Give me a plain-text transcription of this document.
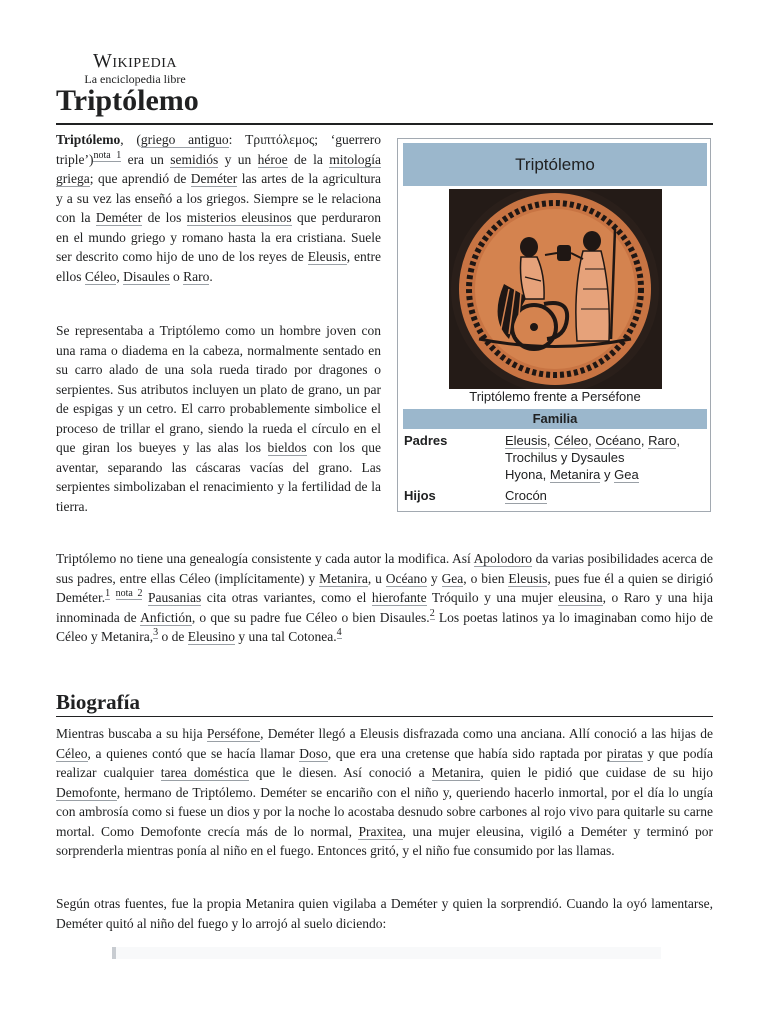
Wikipedia
La enciclopedia libre
Triptólemo

Triptólemo, (griego antiguo: Τριπτόλεμος; ‘guerrero triple’)$^{nota 1}$ era un semidiós y un héroe de la mitología griega; que aprendió de Deméter las artes de la agricultura y a su vez las enseñó a los griegos. Siempre se le relaciona con la Deméter de los misterios eleusinos que perduraron en el mundo griego y romano hasta la era cristiana. Suele ser descrito como hijo de uno de los reyes de Eleusis, entre ellos Céleo, Disaules o Raro.

Se representaba a Triptólemo como un hombre joven con una rama o diadema en la cabeza, normalmente sentado en su carro alado de una sola rueda tirado por dragones o serpientes. Sus atributos incluyen un plato de grano, un par de espigas y un cetro. El carro probablemente simbolice el proceso de trillar el grano, siendo la rueda el círculo en el que giran los bueyes y las alas los bieldos con los que aventar, separando las cáscaras vacías del grano. Las serpientes simbolizaban el renacimiento y la fertilidad de la tierra.

Triptólemo
Triptólemo frente a Perséfone
Familia
Padres	Eleusis, Céleo, Océano, Raro,
Trochilus y Dysaules
Hyona, Metanira y Gea
Hijos	Crocón

Triptólemo no tiene una genealogía consistente y cada autor la modifica. Así Apolodoro da varias posibilidades acerca de sus padres, entre ellas Céleo (implícitamente) y Metanira, u Océano y Gea, o bien Eleusis, pues fue él a quien se dirigió Deméter.$^1$ $^{nota 2}$ Pausanias cita otras variantes, como el hierofante Tróquilo y una mujer eleusina, o Raro y una hija innominada de Anfictión, o que su padre fue Céleo o bien Disaules.$^2$ Los poetas latinos ya lo imaginaban como hijo de Céleo y Metanira,$^3$ o de Eleusino y una tal Cotonea.$^4$

Biografía

Mientras buscaba a su hija Perséfone, Deméter llegó a Eleusis disfrazada como una anciana. Allí conoció a las hijas de Céleo, a quienes contó que se hacía llamar Doso, que era una cretense que había sido raptada por piratas y que podía realizar cualquier tarea doméstica que le diesen. Así conoció a Metanira, quien le pidió que cuidase de su hijo Demofonte, hermano de Triptólemo. Deméter se encariño con el niño y, queriendo hacerlo inmortal, por el día lo ungía con ambrosía como si fuese un dios y por la noche lo acostaba desnudo sobre carbones al rojo vivo para quitarle su carne mortal. Como Demofonte crecía más de lo normal, Praxitea, una mujer eleusina, vigiló a Deméter y terminó por sorprenderla mientras ponía al niño en el fuego. Entonces gritó, y el niño fue consumido por las llamas.

Según otras fuentes, fue la propia Metanira quien vigilaba a Deméter y quien la sorprendió. Cuando la oyó lamentarse, Deméter quitó al niño del fuego y lo arrojó al suelo diciendo:
